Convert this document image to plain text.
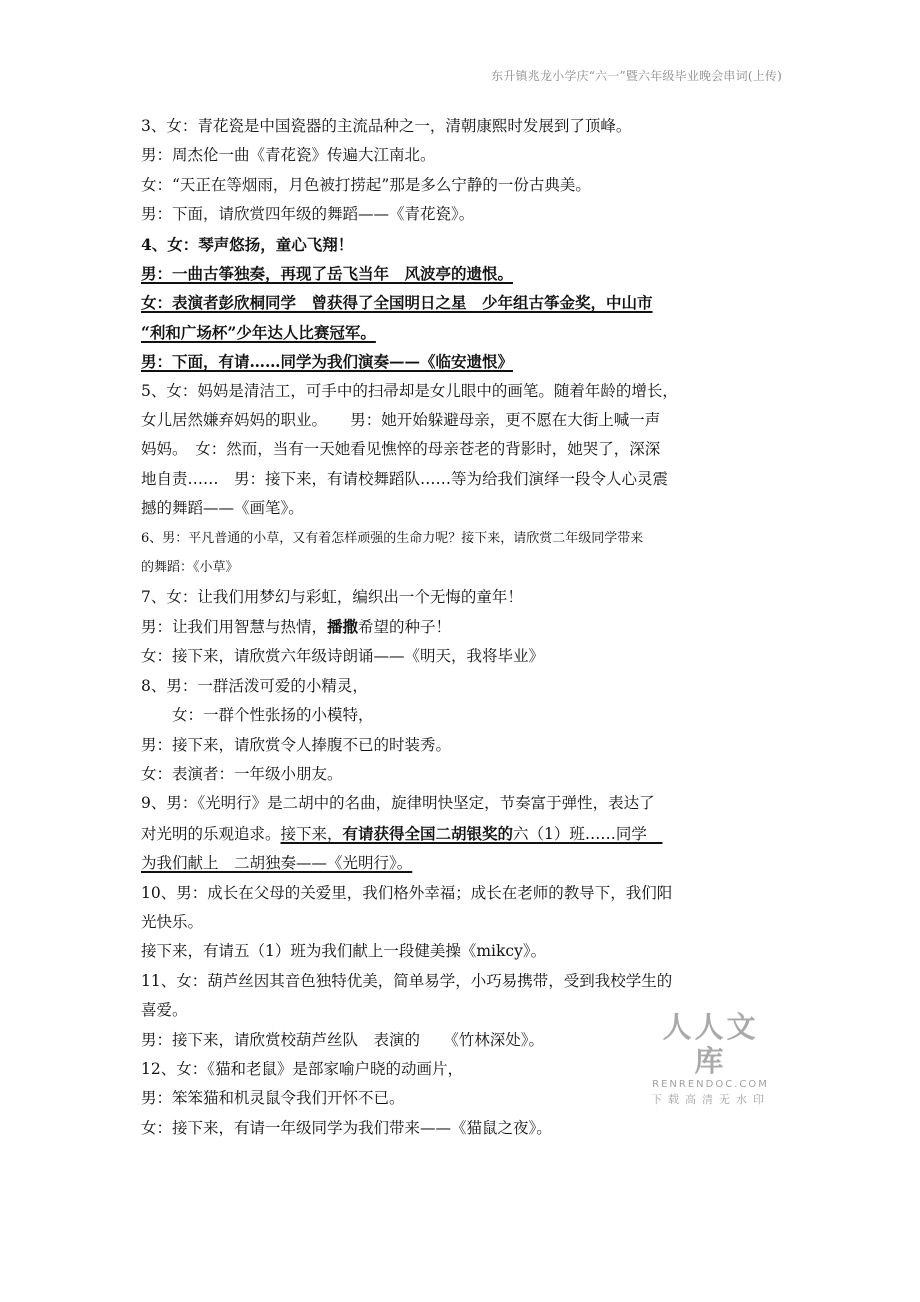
东升镇兆龙小学庆“六一”暨六年级毕业晚会串词(上传)
3、女：青花瓷是中国瓷器的主流品种之一，清朝康熙时发展到了顶峰。
男：周杰伦一曲《青花瓷》传遍大江南北。
女：“天正在等烟雨，月色被打捞起”那是多么宁静的一份古典美。
男：下面，请欣赏四年级的舞蹈——《青花瓷》。
4、女：琴声悠扬，童心飞翔！
男：一曲古筝独奏，再现了岳飞当年　风波亭的遗恨。
女：表演者彭欣桐同学　曾获得了全国明日之星　少年组古筝金奖，中山市
“利和广场杯”少年达人比赛冠军。
男：下面，有请……同学为我们演奏——《临安遗恨》
5、女：妈妈是清洁工，可手中的扫帚却是女儿眼中的画笔。随着年龄的增长，
女儿居然嫌弃妈妈的职业。　　男：她开始躲避母亲，更不愿在大街上喊一声
妈妈。　女：然而，当有一天她看见憔悴的母亲苍老的背影时，她哭了，深深
地自责……　男：接下来，有请校舞蹈队……等为给我们演绎一段令人心灵震
撼的舞蹈——《画笔》。
6、男：平凡普通的小草，又有着怎样顽强的生命力呢？接下来，请欣赏二年级同学带来
的舞蹈：《小草》
7、女：让我们用梦幻与彩虹，编织出一个无悔的童年！
男：让我们用智慧与热情，播撒希望的种子！
女：接下来，请欣赏六年级诗朗诵——《明天，我将毕业》
8、男：一群活泼可爱的小精灵，
女：一群个性张扬的小模特，
男：接下来，请欣赏令人捧腹不已的时装秀。
女：表演者：一年级小朋友。
9、男：《光明行》是二胡中的名曲，旋律明快坚定，节奏富于弹性，表达了
对光明的乐观追求。接下来，有请获得全国二胡银奖的六（1）班……同学　
为我们献上　二胡独奏——《光明行》。
10、男：成长在父母的关爱里，我们格外幸福；成长在老师的教导下，我们阳
光快乐。
接下来，有请五（1）班为我们献上一段健美操《mikcy》。
11、女：葫芦丝因其音色独特优美，简单易学，小巧易携带，受到我校学生的
喜爱。
男：接下来，请欣赏校葫芦丝队　表演的　　《竹林深处》。
12、女：《猫和老鼠》是部家喻户晓的动画片，
男：笨笨猫和机灵鼠令我们开怀不已。
女：接下来，有请一年级同学为我们带来——《猫鼠之夜》。
人人文库
RENRENDOC.COM
下载高清无水印
